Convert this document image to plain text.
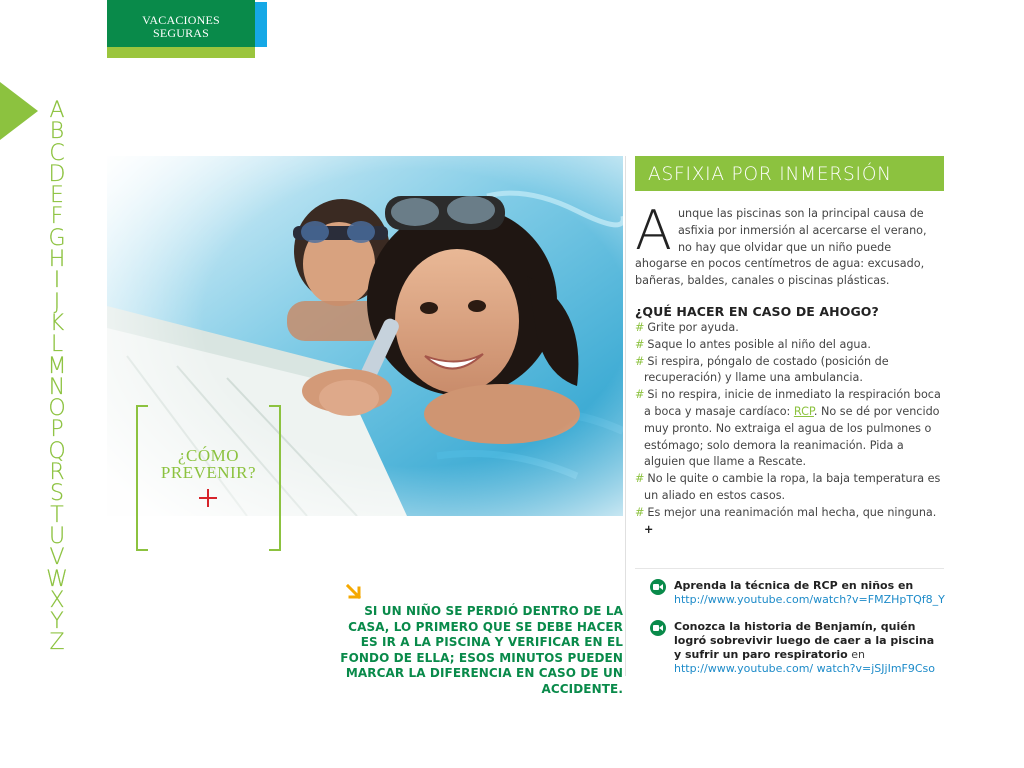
VACACIONES
SEGURAS
A
B
C
D
E
F
G
H
I
J
K
L
M
N
O
P
Q
R
S
T
U
V
W
X
Y
Z
¿CÓMO
PREVENIR?
ASFIXIA POR INMERSIÓN
Aunque las piscinas son la principal causa de asfixia por inmersión al acercarse el verano, no hay que olvidar que un niño puede ahogarse en pocos centímetros de agua: excusado, bañeras, baldes, canales o piscinas plásticas.
¿QUÉ HACER EN CASO DE AHOGO?
# Grite por ayuda.
# Saque lo antes posible al niño del agua.
# Si respira, póngalo de costado (posición de recuperación) y llame una ambulancia.
# Si no respira, inicie de inmediato la respiración boca a boca y masaje cardíaco: RCP. No se dé por vencido muy pronto. No extraiga el agua de los pulmones o estómago; solo demora la reanimación. Pida a alguien que llame a Rescate.
# No le quite o cambie la ropa, la baja temperatura es un aliado en estos casos.
# Es mejor una reanimación mal hecha, que ninguna. +
Aprenda la técnica de RCP en niños en
http://www.youtube.com/watch?v=FMZHpTQf8_Y
Conozca la historia de Benjamín, quién logró sobrevivir luego de caer a la piscina y sufrir un paro respiratorio en http://www.youtube.com/ watch?v=jSJjImF9Cso
SI UN NIÑO SE PERDIÓ DENTRO DE LA CASA, LO PRIMERO QUE SE DEBE HACER ES IR A LA PISCINA Y VERIFICAR EN EL FONDO DE ELLA; ESOS MINUTOS PUEDEN MARCAR LA DIFERENCIA EN CASO DE UN ACCIDENTE.
